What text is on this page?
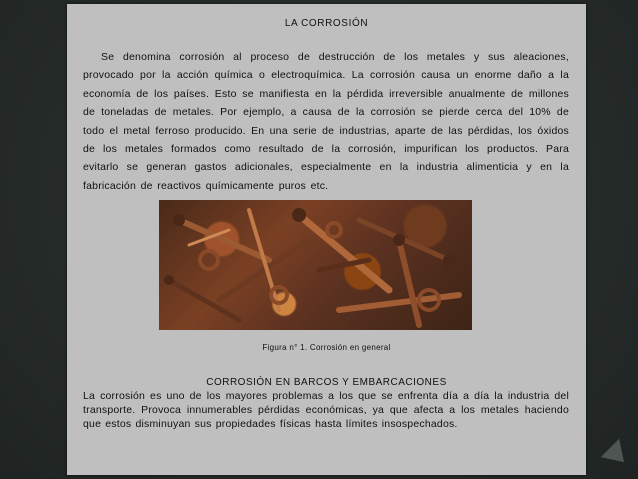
LA CORROSIÓN
Se denomina corrosión al proceso de destrucción de los metales y sus aleaciones, provocado por la acción química o electroquímica. La corrosión causa un enorme daño a la economía de los países. Esto se manifiesta en la pérdida irreversible anualmente de millones de toneladas de metales. Por ejemplo, a causa de la corrosión se pierde cerca del 10% de todo el metal ferroso producido. En una serie de industrias, aparte de las pérdidas, los óxidos de los metales formados como resultado de la corrosión, impurifican los productos. Para evitarlo se generan gastos adicionales, especialmente en la industria alimenticia y en la fabricación de reactivos químicamente puros etc.
Figura n° 1. Corrosión en general
CORROSIÓN EN BARCOS Y EMBARCACIONES
La corrosión es uno de los mayores problemas a los que se enfrenta día a día la industria del transporte. Provoca innumerables pérdidas económicas, ya que afecta a los metales haciendo que estos disminuyan sus propiedades físicas hasta límites insospechados.
